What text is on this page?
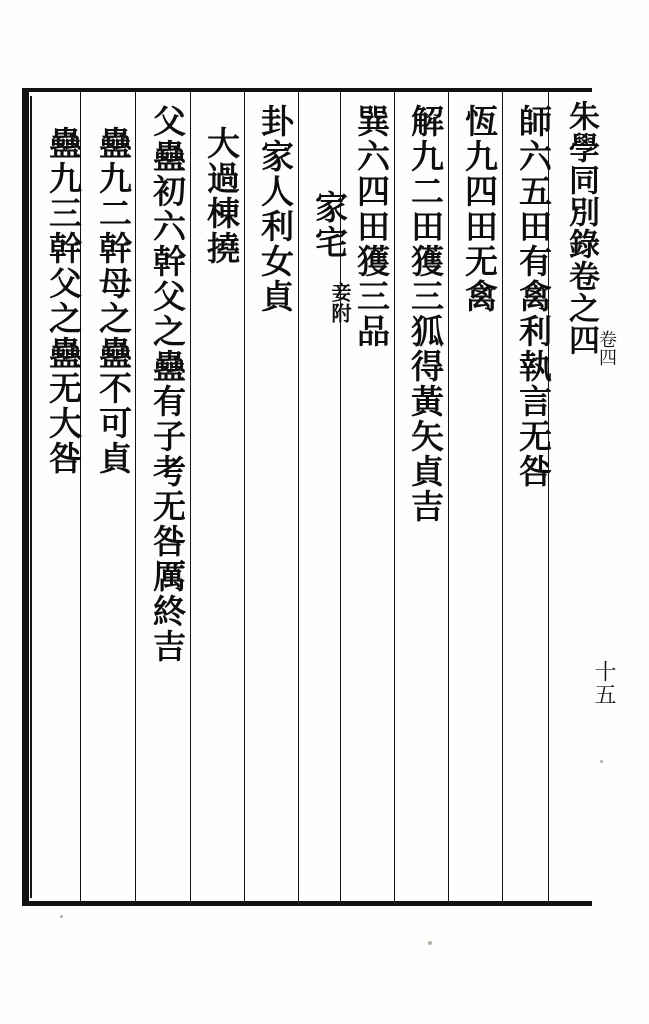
朱學同別錄卷之四
卷四
十五
師六五田有禽利執言无咎
恆九四田无禽
解九二田獲三狐得黃矢貞吉
巽六四田獲三品
家宅
妾附
卦家人利女貞
大過棟撓
父蠱初六幹父之蠱有子考无咎厲終吉
蠱九二幹母之蠱不可貞
蠱九三幹父之蠱无大咎
